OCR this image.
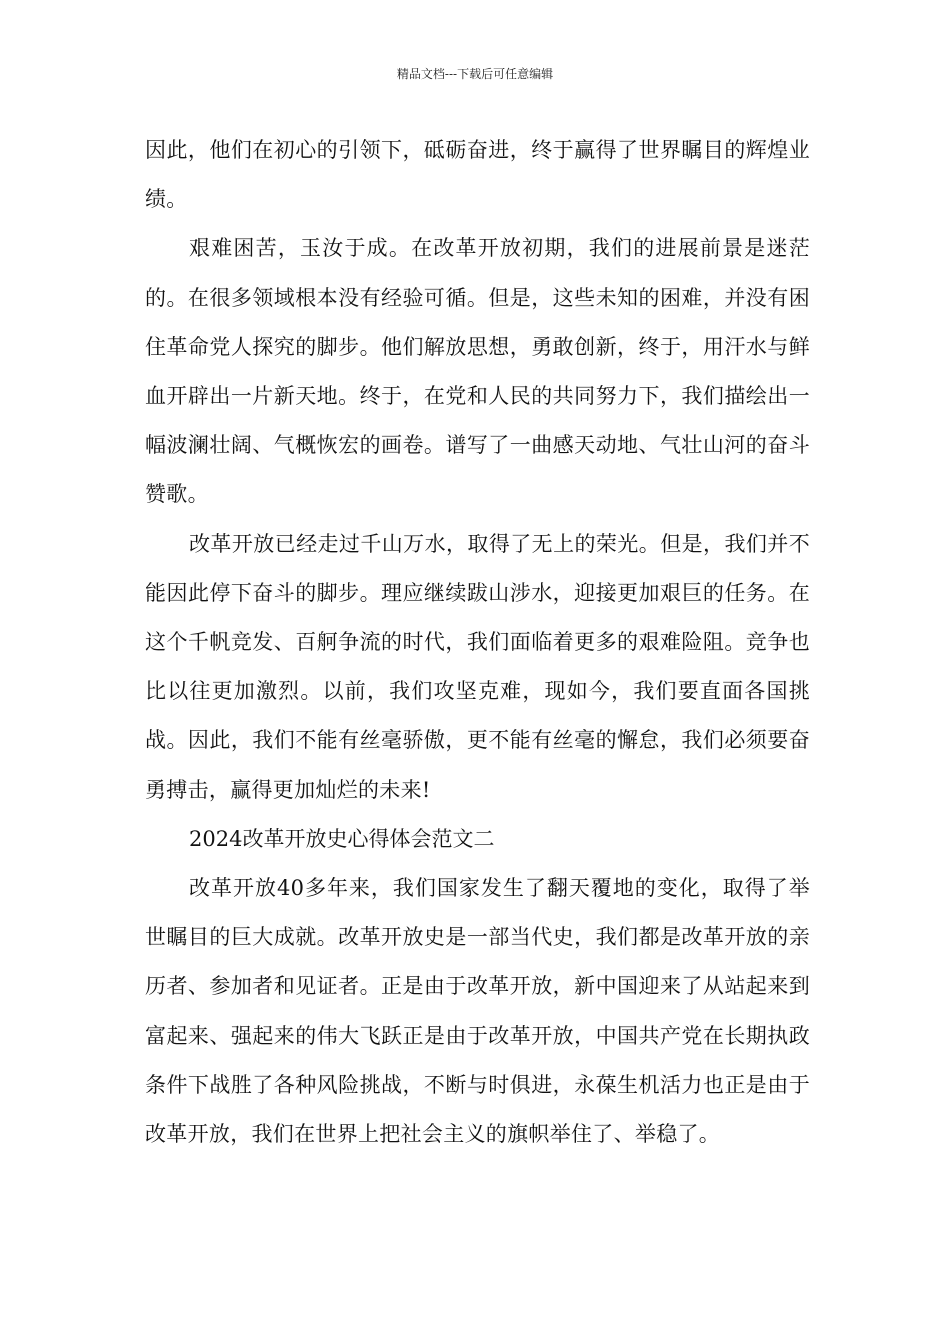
精品文档---下载后可任意编辑

因此，他们在初心的引领下，砥砺奋进，终于赢得了世界瞩目的辉煌业绩。

艰难困苦，玉汝于成。在改革开放初期，我们的进展前景是迷茫的。在很多领域根本没有经验可循。但是，这些未知的困难，并没有困住革命党人探究的脚步。他们解放思想，勇敢创新，终于，用汗水与鲜血开辟出一片新天地。终于，在党和人民的共同努力下，我们描绘出一幅波澜壮阔、气概恢宏的画卷。谱写了一曲感天动地、气壮山河的奋斗赞歌。

改革开放已经走过千山万水，取得了无上的荣光。但是，我们并不能因此停下奋斗的脚步。理应继续跋山涉水，迎接更加艰巨的任务。在这个千帆竞发、百舸争流的时代，我们面临着更多的艰难险阻。竞争也比以往更加激烈。以前，我们攻坚克难，现如今，我们要直面各国挑战。因此，我们不能有丝毫骄傲，更不能有丝毫的懈怠，我们必须要奋勇搏击，赢得更加灿烂的未来!

2024改革开放史心得体会范文二

改革开放40多年来，我们国家发生了翻天覆地的变化，取得了举世瞩目的巨大成就。改革开放史是一部当代史，我们都是改革开放的亲历者、参加者和见证者。正是由于改革开放，新中国迎来了从站起来到富起来、强起来的伟大飞跃正是由于改革开放，中国共产党在长期执政条件下战胜了各种风险挑战，不断与时俱进，永葆生机活力也正是由于改革开放，我们在世界上把社会主义的旗帜举住了、举稳了。
